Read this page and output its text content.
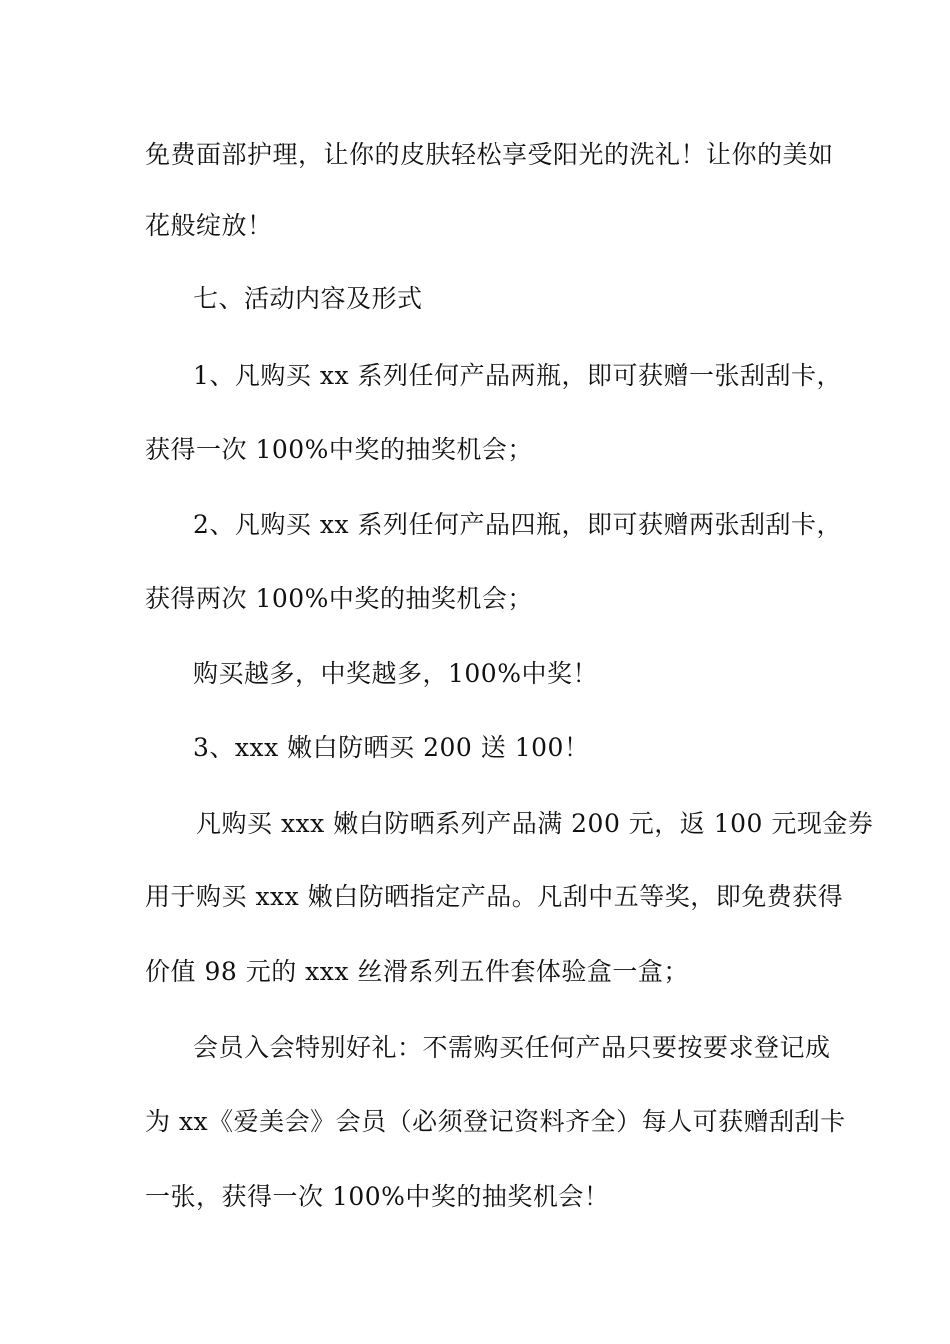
免费面部护理，让你的皮肤轻松享受阳光的洗礼！让你的美如
花般绽放！
七、活动内容及形式
1、凡购买 xx 系列任何产品两瓶，即可获赠一张刮刮卡，
获得一次 100%中奖的抽奖机会；
2、凡购买 xx 系列任何产品四瓶，即可获赠两张刮刮卡，
获得两次 100%中奖的抽奖机会；
购买越多，中奖越多，100%中奖！
3、xxx 嫩白防晒买 200 送 100！
凡购买 xxx 嫩白防晒系列产品满 200 元，返 100 元现金券
用于购买 xxx 嫩白防晒指定产品。凡刮中五等奖，即免费获得
价值 98 元的 xxx 丝滑系列五件套体验盒一盒；
会员入会特别好礼：不需购买任何产品只要按要求登记成
为 xx《爱美会》会员（必须登记资料齐全）每人可获赠刮刮卡
一张，获得一次 100%中奖的抽奖机会！
